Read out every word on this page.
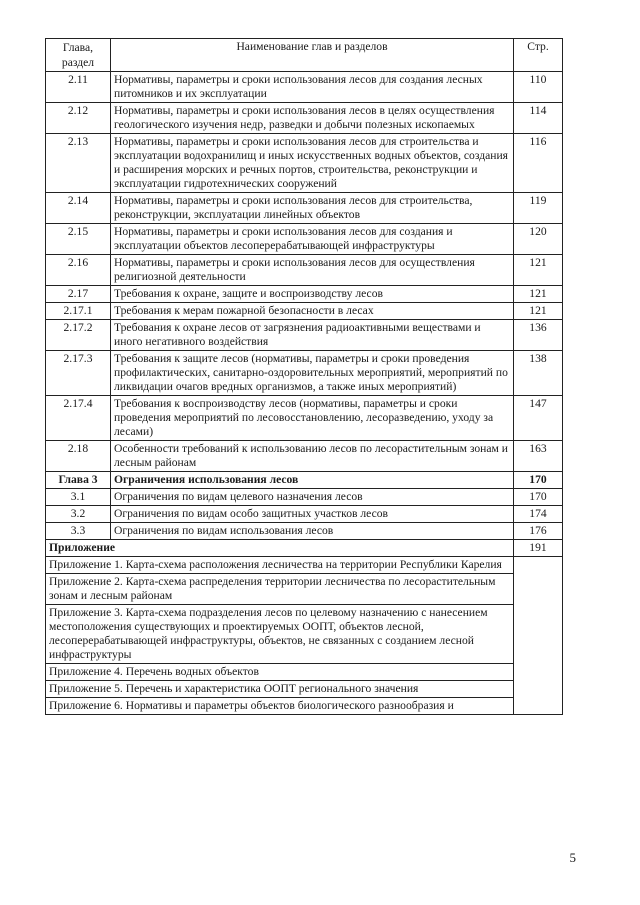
Глава, раздел	Наименование глав и разделов	Стр.
2.11	Нормативы, параметры и сроки использования лесов для создания лесных питомников и их эксплуатации	110
2.12	Нормативы, параметры и сроки использования лесов в целях осуществления геологического изучения недр, разведки и добычи полезных ископаемых	114
2.13	Нормативы, параметры и сроки использования лесов для строительства и эксплуатации водохранилищ и иных искусственных водных объектов, создания и расширения морских и речных портов, строительства, реконструкции и эксплуатации гидротехнических сооружений	116
2.14	Нормативы, параметры и сроки использования лесов для строительства, реконструкции, эксплуатации линейных объектов	119
2.15	Нормативы, параметры и сроки использования лесов для создания и эксплуатации объектов лесоперерабатывающей инфраструктуры	120
2.16	Нормативы, параметры и сроки использования лесов для осуществления религиозной деятельности	121
2.17	Требования к охране, защите и воспроизводству лесов	121
2.17.1	Требования к мерам пожарной безопасности в лесах	121
2.17.2	Требования к охране лесов от загрязнения радиоактивными веществами и иного негативного воздействия	136
2.17.3	Требования к защите лесов (нормативы, параметры и сроки проведения профилактических, санитарно-оздоровительных мероприятий, мероприятий по ликвидации очагов вредных организмов, а также иных мероприятий)	138
2.17.4	Требования к воспроизводству лесов (нормативы, параметры и сроки проведения мероприятий по лесовосстановлению, лесоразведению, уходу за лесами)	147
2.18	Особенности требований к использованию лесов по лесорастительным зонам и лесным районам	163
Глава 3	Ограничения использования лесов	170
3.1	Ограничения по видам целевого назначения лесов	170
3.2	Ограничения по видам особо защитных участков лесов	174
3.3	Ограничения по видам использования лесов	176
Приложение		191
Приложение 1. Карта-схема расположения лесничества на территории Республики Карелия		
Приложение 2. Карта-схема распределения территории лесничества по лесорастительным зонам и лесным районам		
Приложение 3. Карта-схема подразделения лесов по целевому назначению с нанесением местоположения существующих и проектируемых ООПТ, объектов лесной, лесоперерабатывающей инфраструктуры, объектов, не связанных с созданием лесной инфраструктуры		
Приложение 4. Перечень водных объектов		
Приложение 5. Перечень и характеристика ООПТ регионального значения		
Приложение 6. Нормативы и параметры объектов биологического разнообразия и		
5
